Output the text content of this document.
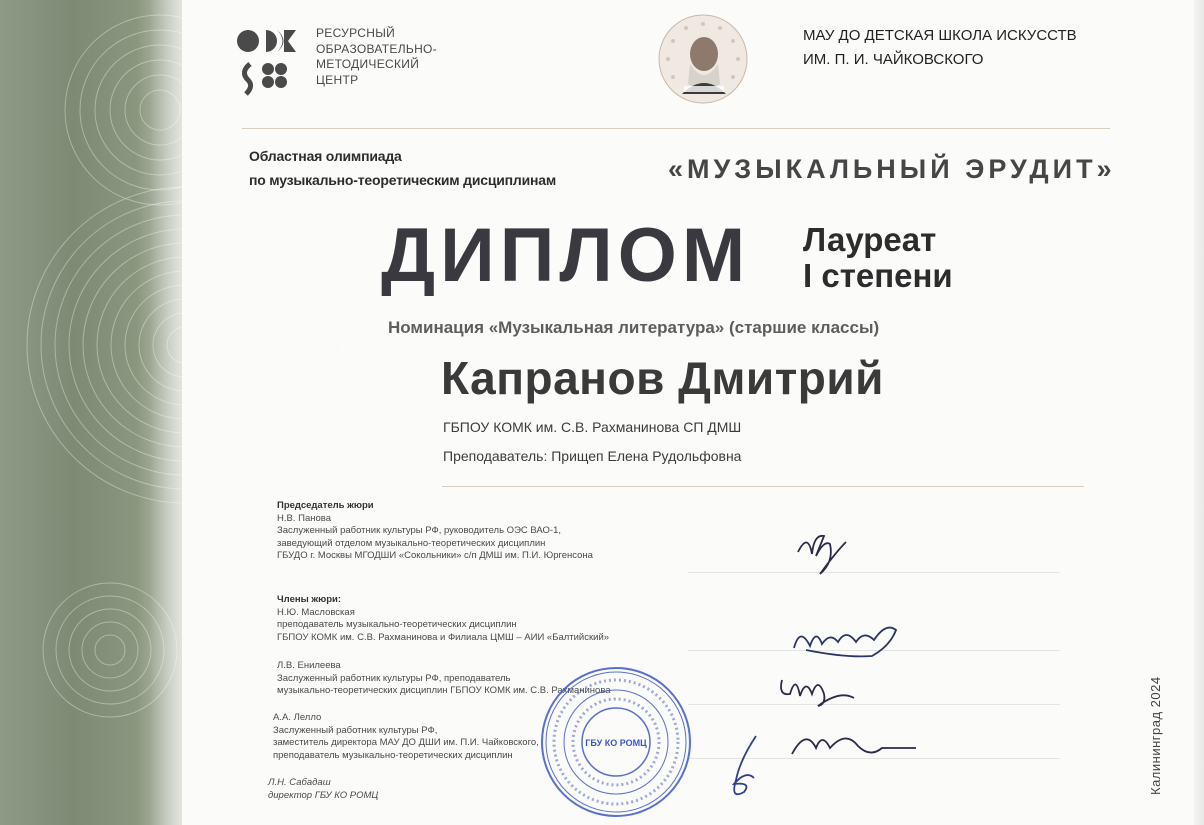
РЕСУРСНЫЙ
ОБРАЗОВАТЕЛЬНО-
МЕТОДИЧЕСКИЙ
ЦЕНТР
МАУ ДО ДЕТСКАЯ ШКОЛА ИСКУССТВ
ИМ. П. И. ЧАЙКОВСКОГО
Областная олимпиада
по музыкально-теоретическим дисциплинам	«МУЗЫКАЛЬНЫЙ ЭРУДИТ»
ДИПЛОМ Лауреат
I степени
Номинация «Музыкальная литература» (старшие классы)
Капранов Дмитрий
ГБПОУ КОМК им. С.В. Рахманинова СП ДМШ
Преподаватель: Прищеп Елена Рудольфовна
Председатель жюри
Н.В. Панова
Заслуженный работник культуры РФ, руководитель ОЭС ВАО-1,
заведующий отделом музыкально-теоретических дисциплин
ГБУДО г. Москвы МГОДШИ «Сокольники» с/п ДМШ им. П.И. Юргенсона
Члены жюри:
Н.Ю. Масловская
преподаватель музыкально-теоретических дисциплин
ГБПОУ КОМК им. С.В. Рахманинова и Филиала ЦМШ – АИИ «Балтийский»
Л.В. Енилеева
Заслуженный работник культуры РФ, преподаватель
музыкально-теоретических дисциплин ГБПОУ КОМК им. С.В. Рахманинова
А.А. Лелло
Заслуженный работник культуры РФ,
заместитель директора МАУ ДО ДШИ им. П.И. Чайковского,
преподаватель музыкально-теоретических дисциплин
Л.Н. Сабадаш
директор ГБУ КО РОМЦ
ГБУ КО РОМЦ	Калининград 2024
